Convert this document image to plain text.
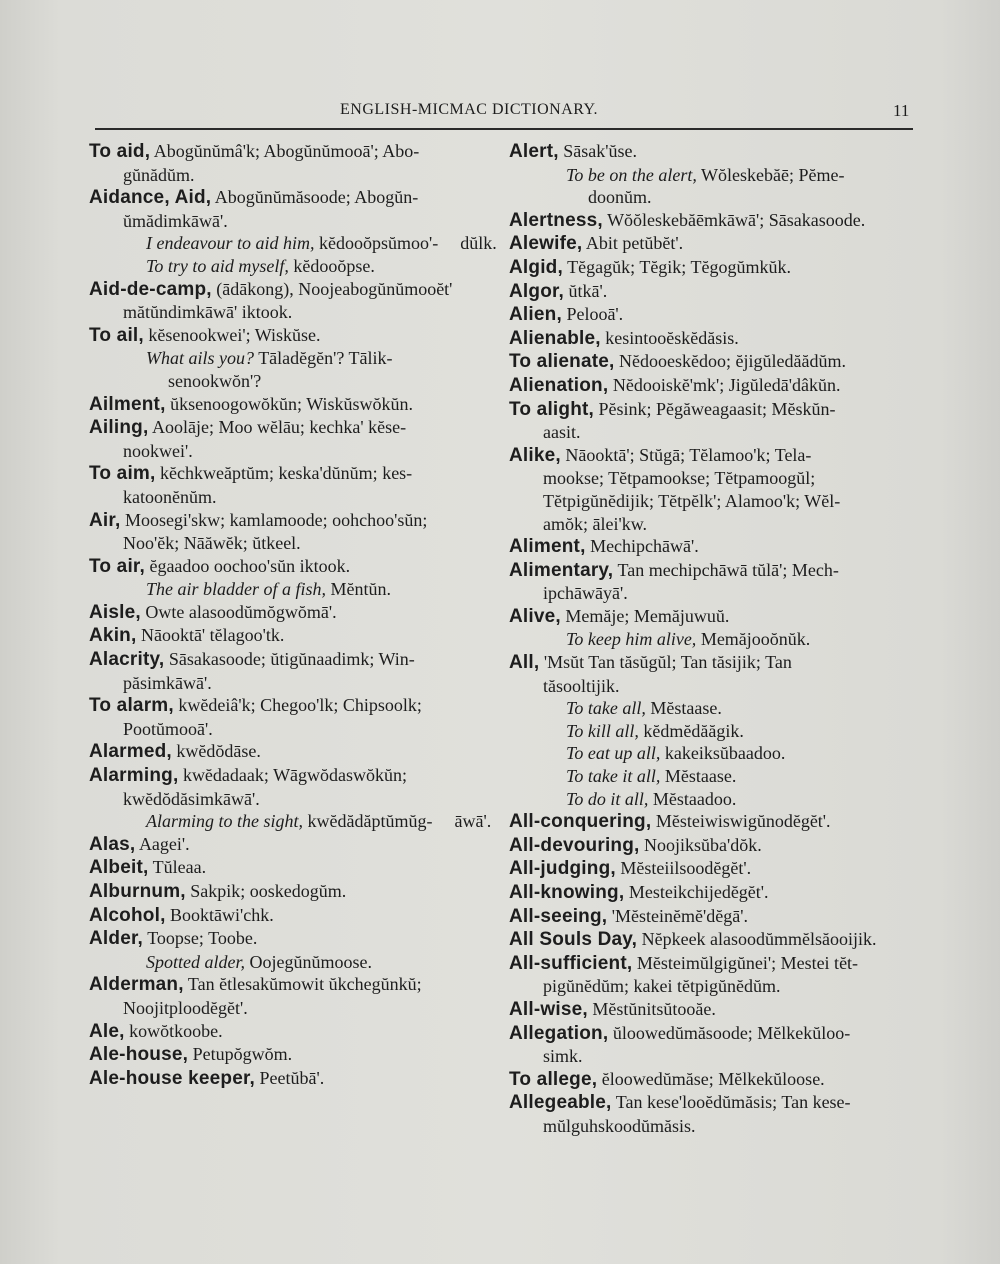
ENGLISH-MICMAC DICTIONARY.	11
To aid, Abogŭnŭmâ'k; Abogŭnŭmooā'; Abo-
gŭnădŭm.
Aidance, Aid, Abogŭnŭmăsoode; Abogŭn-
ŭmădimkāwā'.
I endeavour to aid him, kĕdooŏpsŭmoo'- dŭlk.
To try to aid myself, kĕdooŏpse.
Aid-de-camp, (ādākong), Noojeabogŭnŭmooĕt'
mătŭndimkāwā' iktook.
To ail, kĕsenookwei'; Wiskŭse.
What ails you? Tāladĕgĕn'? Tālik-senookwŏn'?
Ailment, ŭksenoogowŏkŭn; Wiskŭswŏkŭn.
Ailing, Aoolāje; Moo wĕlāu; kechka' kĕse-
nookwei'.
To aim, kĕchkweăptŭm; keska'dŭnŭm; kes-
katoonĕnŭm.
Air, Moosegi'skw; kamlamoode; oohchoo'sŭn;
Noo'ĕk; Nāăwĕk; ŭtkeel.
To air, ĕgaadoo oochoo'sŭn iktook.
The air bladder of a fish, Mĕntŭn.
Aisle, Owte alasoodŭmŏgwŏmā'.
Akin, Nāooktā' tĕlagoo'tk.
Alacrity, Sāsakasoode; ŭtigŭnaadimk; Win-
păsimkāwā'.
To alarm, kwĕdeiâ'k; Chegoo'lk; Chipsoolk;
Pootŭmooā'.
Alarmed, kwĕdŏdāse.
Alarming, kwĕdadaak; Wāgwŏdaswŏkŭn;
kwĕdŏdăsimkāwā'.
Alarming to the sight, kwĕdădăptŭmŭg- āwā'.
Alas, Aagei'.
Albeit, Tŭleaa.
Alburnum, Sakpik; ooskedogŭm.
Alcohol, Booktāwi'chk.
Alder, Toopse; Toobe.
Spotted alder, Oojegŭnŭmoose.
Alderman, Tan ĕtlesakŭmowit ŭkchegŭnkŭ;
Noojitploodĕgĕt'.
Ale, kowŏtkoobe.
Ale-house, Petupŏgwŏm.
Ale-house keeper, Peetŭbā'.
Alert, Sāsak'ŭse.
To be on the alert, Wŏleskebăē; Pĕme-doonŭm.
Alertness, Wŏŏleskebăēmkāwā'; Sāsakasoode.
Alewife, Abit petŭbĕt'.
Algid, Tĕgagŭk; Tĕgik; Tĕgogŭmkŭk.
Algor, ŭtkā'.
Alien, Pelooā'.
Alienable, kesintooĕskĕdăsis.
To alienate, Nĕdooeskĕdoo; ĕjigŭledăădŭm.
Alienation, Nĕdooiskĕ'mk'; Jigŭledā'dâkŭn.
To alight, Pĕsink; Pĕgăweagaasit; Mĕskŭn-
aasit.
Alike, Nāooktā'; Stŭgā; Tĕlamoo'k; Tela-
mookse; Tĕtpamookse; Tĕtpamoogŭl;
Tĕtpigŭnĕdijik; Tĕtpĕlk'; Alamoo'k; Wĕl-
amŏk; ālei'kw.
Aliment, Mechipchāwā'.
Alimentary, Tan mechipchāwā tŭlā'; Mech-
ipchāwāyā'.
Alive, Memăje; Memăjuwuŭ.
To keep him alive, Memăjooŏnŭk.
All, 'Msŭt Tan tăsŭgŭl; Tan tăsijik; Tan
tăsooltijik.
To take all, Mĕstaase.
To kill all, kĕdmĕdăăgik.
To eat up all, kakeiksŭbaadoo.
To take it all, Mĕstaase.
To do it all, Mĕstaadoo.
All-conquering, Mĕsteiwiswigŭnodĕgĕt'.
All-devouring, Noojiksŭba'dŏk.
All-judging, Mĕsteiilsoodĕgĕt'.
All-knowing, Mesteikchijedĕgĕt'.
All-seeing, 'Mĕsteinĕmĕ'dĕgā'.
All Souls Day, Nĕpkeek alasoodŭmmĕlsăooijik.
All-sufficient, Mĕsteimŭlgigŭnei'; Mestei tĕt-
pigŭnĕdŭm; kakei tĕtpigŭnĕdŭm.
All-wise, Mĕstŭnitsŭtooăe.
Allegation, ŭloowedŭmăsoode; Mĕlkekŭloo-
simk.
To allege, ĕloowedŭmăse; Mĕlkekŭloose.
Allegeable, Tan kese'looĕdŭmăsis; Tan kese-
mŭlguhskoodŭmăsis.
